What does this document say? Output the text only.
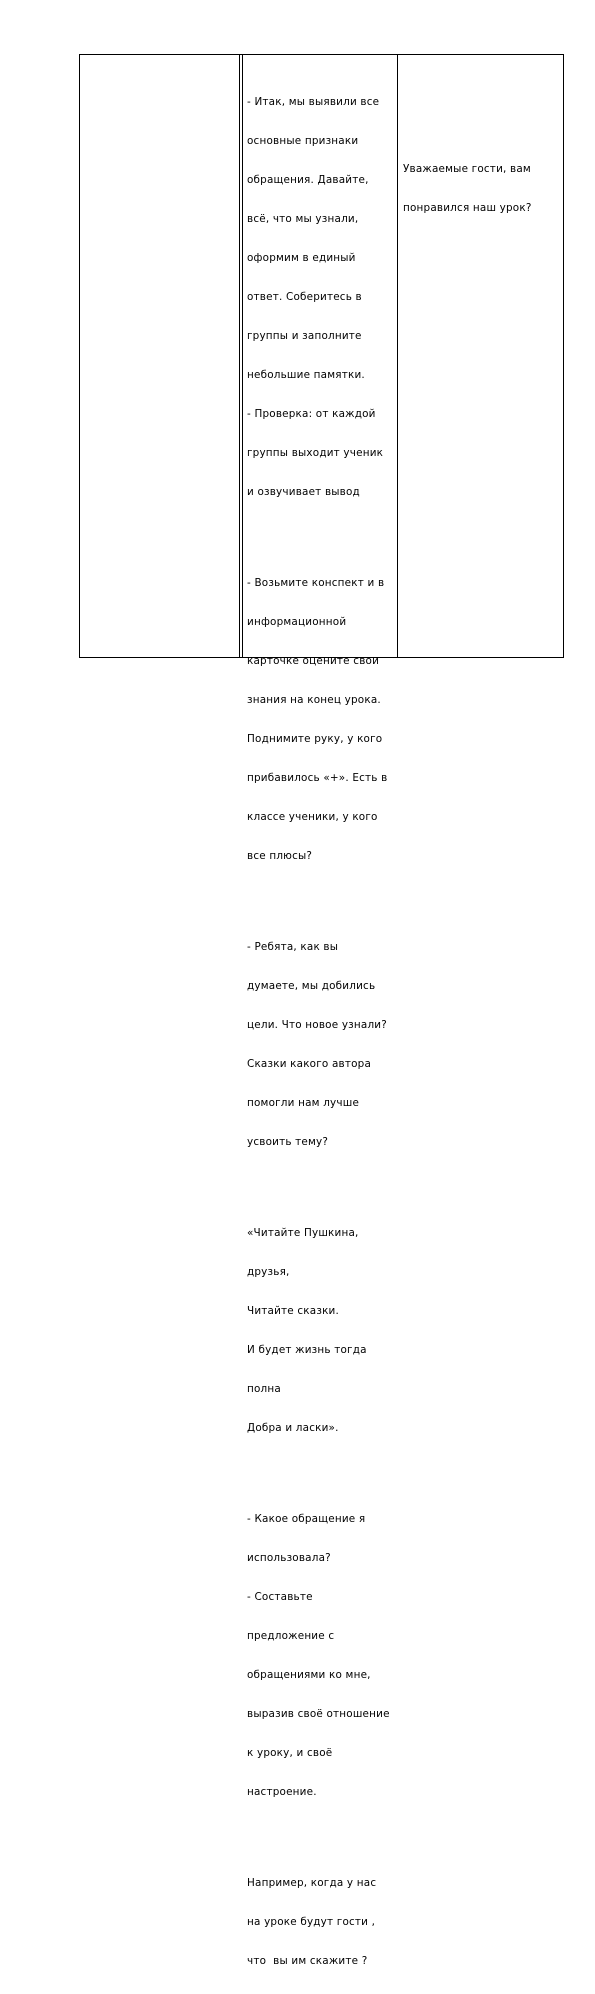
- Итак, мы выявили все

основные признаки

обращения. Давайте,

всё, что мы узнали,

оформим в единый

ответ. Соберитесь в

группы и заполните

небольшие памятки.

- Проверка: от каждой

группы выходит ученик

и озвучивает вывод

- Возьмите конспект и в

информационной

карточке оцените свои

знания на конец урока.

Поднимите руку, у кого

прибавилось «+». Есть в

классе ученики, у кого

все плюсы?

- Ребята, как вы

думаете, мы добились

цели. Что новое узнали?

Сказки какого автора

помогли нам лучше

усвоить тему?

«Читайте Пушкина,

друзья,

Читайте сказки.

И будет жизнь тогда

полна

Добра и ласки».

- Какое обращение я

использовала?

- Составьте

предложение с

обращениями ко мне,

выразив своё отношение

к уроку, и своё

настроение.

Например, когда у нас

на уроке будут гости ,

что  вы им скажите ?

Уважаемые гости, вам

понравился наш урок?
